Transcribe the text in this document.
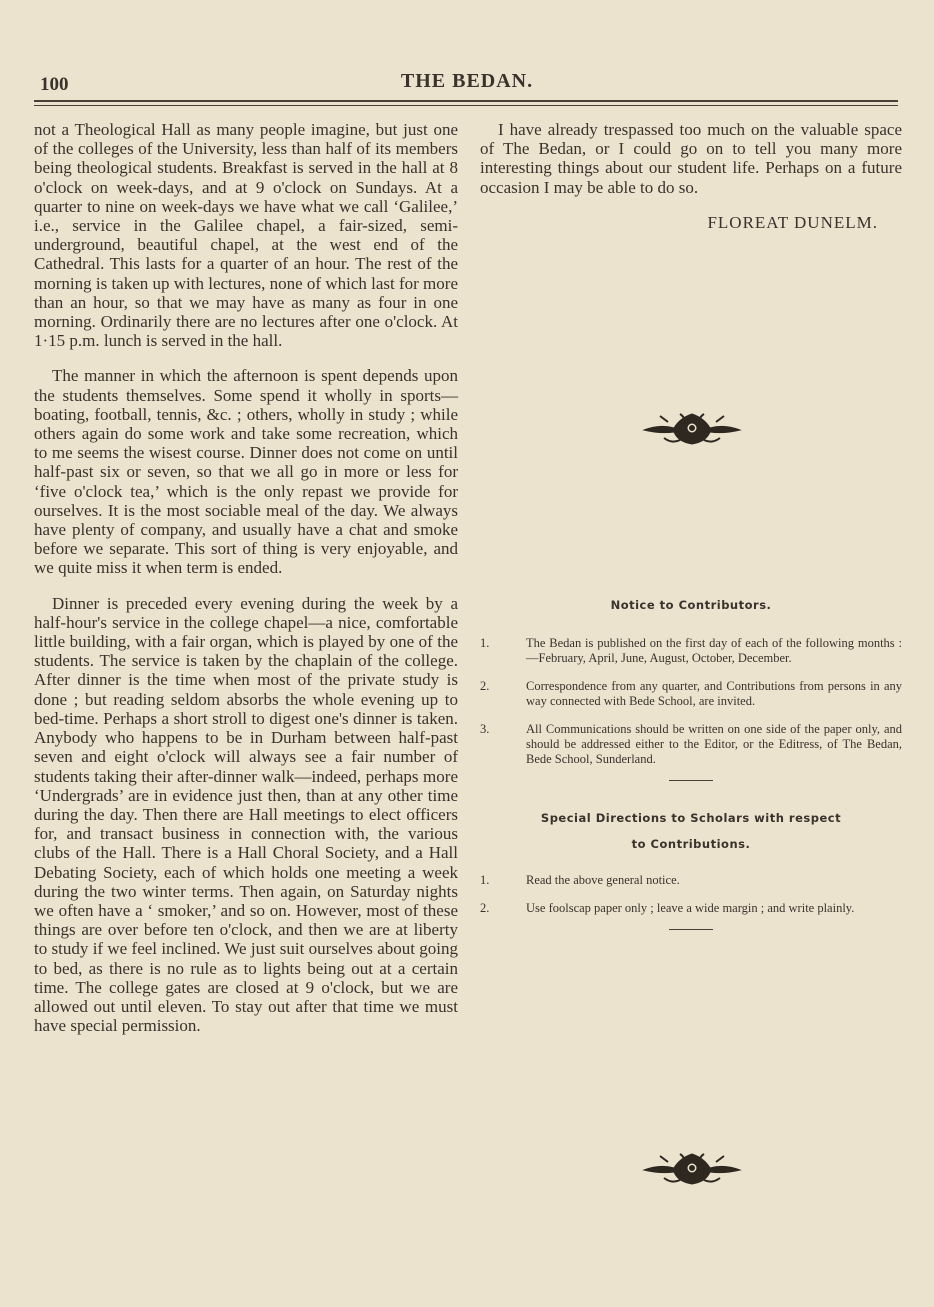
100	THE BEDAN.

not a Theological Hall as many people imagine, but just one of the colleges of the University, less than half of its members being theological students. Breakfast is served in the hall at 8 o'clock on week-days, and at 9 o'clock on Sundays. At a quarter to nine on week-days we have what we call ‘Galilee,’ i.e., service in the Galilee chapel, a fair-sized, semi-underground, beautiful chapel, at the west end of the Cathedral. This lasts for a quarter of an hour. The rest of the morning is taken up with lectures, none of which last for more than an hour, so that we may have as many as four in one morning. Ordinarily there are no lectures after one o'clock. At 1·15 p.m. lunch is served in the hall.

The manner in which the afternoon is spent depends upon the students themselves. Some spend it wholly in sports—boating, football, tennis, &c. ; others, wholly in study ; while others again do some work and take some recreation, which to me seems the wisest course. Dinner does not come on until half-past six or seven, so that we all go in more or less for ‘five o'clock tea,’ which is the only repast we provide for ourselves. It is the most sociable meal of the day. We always have plenty of company, and usually have a chat and smoke before we separate. This sort of thing is very enjoyable, and we quite miss it when term is ended.

Dinner is preceded every evening during the week by a half-hour's service in the college chapel—a nice, comfortable little building, with a fair organ, which is played by one of the students. The service is taken by the chaplain of the college. After dinner is the time when most of the private study is done ; but reading seldom absorbs the whole evening up to bed-time. Perhaps a short stroll to digest one's dinner is taken. Anybody who happens to be in Durham between half-past seven and eight o'clock will always see a fair number of students taking their after-dinner walk—indeed, perhaps more ‘Undergrads’ are in evidence just then, than at any other time during the day. Then there are Hall meetings to elect officers for, and transact business in connection with, the various clubs of the Hall. There is a Hall Choral Society, and a Hall Debating Society, each of which holds one meeting a week during the two winter terms. Then again, on Saturday nights we often have a ‘ smoker,’ and so on. However, most of these things are over before ten o'clock, and then we are at liberty to study if we feel inclined. We just suit ourselves about going to bed, as there is no rule as to lights being out at a certain time. The college gates are closed at 9 o'clock, but we are allowed out until eleven. To stay out after that time we must have special permission.

I have already trespassed too much on the valuable space of The Bedan, or I could go on to tell you many more interesting things about our student life. Perhaps on a future occasion I may be able to do so.

FLOREAT DUNELM.

Notice to Contributors.

1.	The Bedan is published on the first day of each of the following months :—February, April, June, August, October, December.
2.	Correspondence from any quarter, and Contributions from persons in any way connected with Bede School, are invited.
3.	All Communications should be written on one side of the paper only, and should be addressed either to the Editor, or the Editress, of The Bedan, Bede School, Sunderland.

Special Directions to Scholars with respect

to Contributions.

1.	Read the above general notice.
2.	Use foolscap paper only ; leave a wide margin ; and write plainly.
